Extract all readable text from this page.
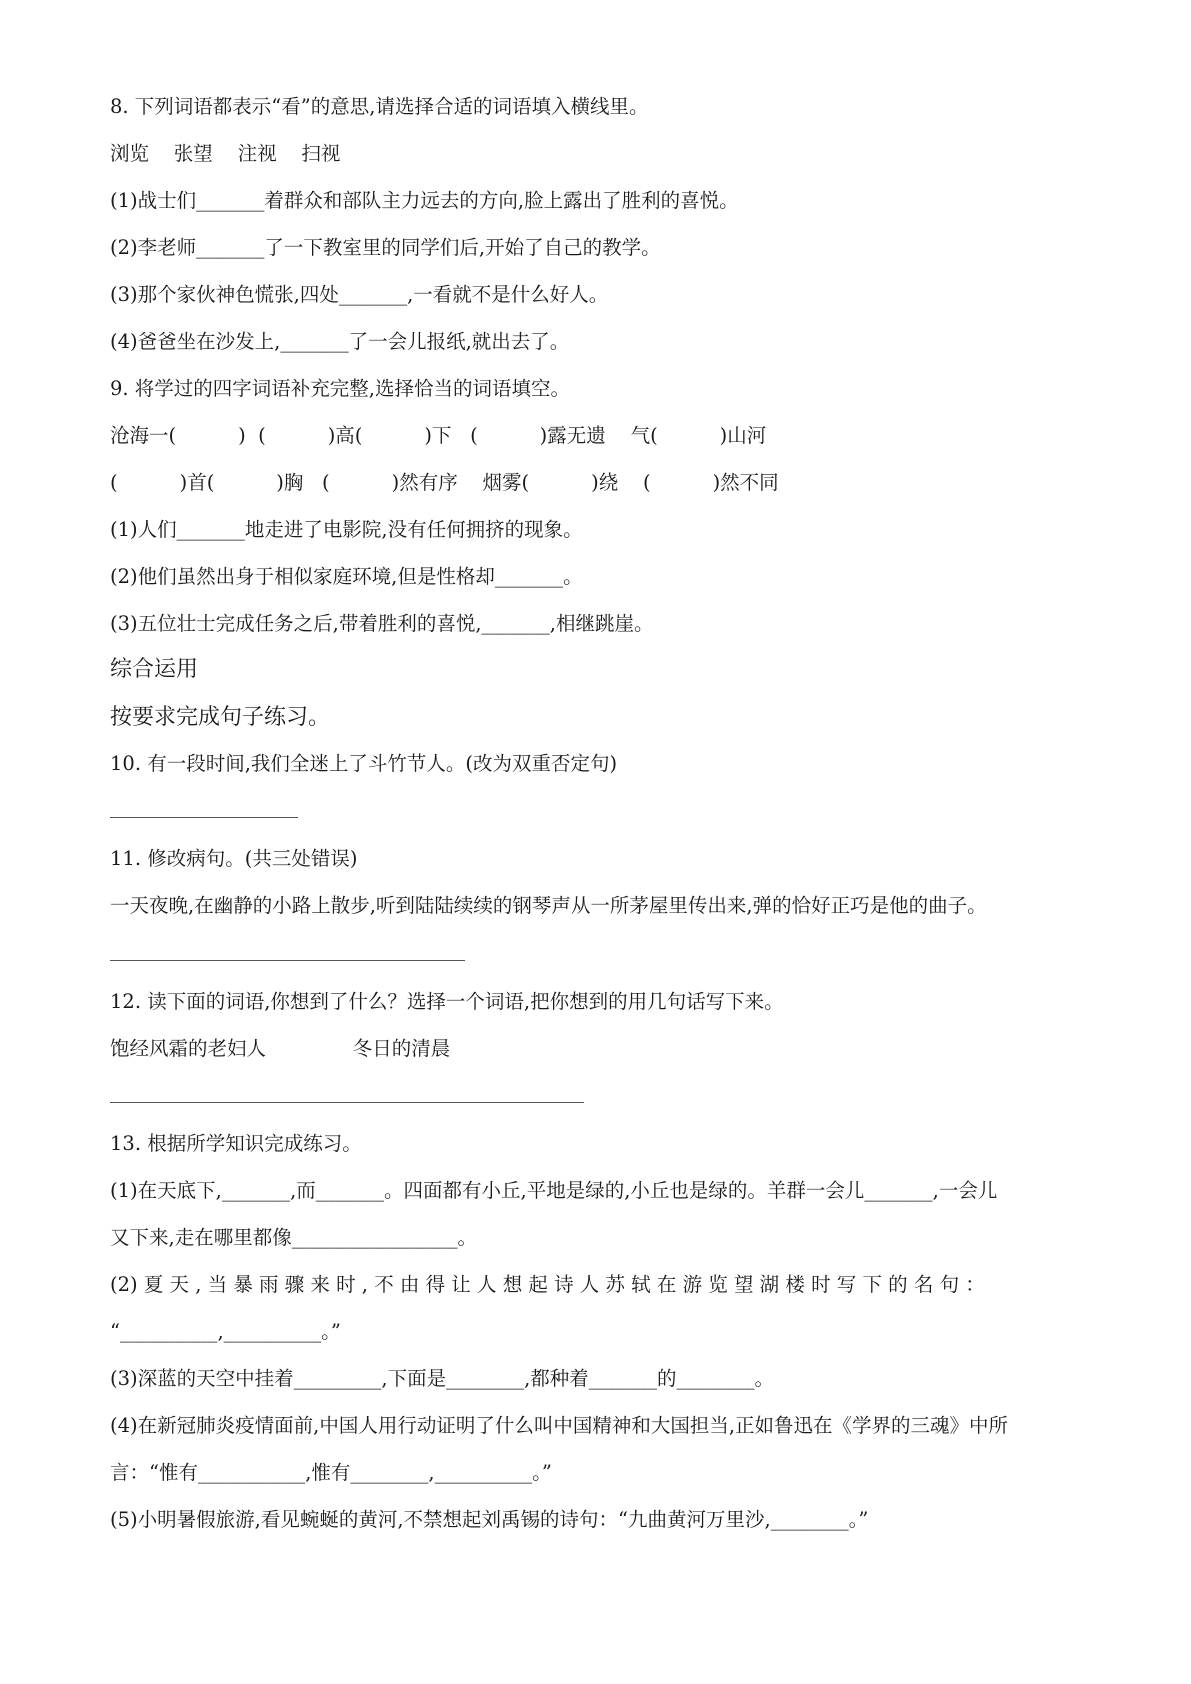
8. 下列词语都表示“看”的意思,请选择合适的词语填入横线里。
浏览    张望    注视    扫视
(1)战士们_______着群众和部队主力远去的方向,脸上露出了胜利的喜悦。
(2)李老师_______了一下教室里的同学们后,开始了自己的教学。
(3)那个家伙神色慌张,四处_______,一看就不是什么好人。
(4)爸爸坐在沙发上,_______了一会儿报纸,就出去了。
9. 将学过的四字词语补充完整,选择恰当的词语填空。
沧海一(          )  (          )高(          )下   (          )露无遗    气(          )山河
(          )首(          )胸   (          )然有序    烟雾(          )绕    (          )然不同
(1)人们_______地走进了电影院,没有任何拥挤的现象。
(2)他们虽然出身于相似家庭环境,但是性格却_______。
(3)五位壮士完成任务之后,带着胜利的喜悦,_______,相继跳崖。
综合运用
按要求完成句子练习。
10. 有一段时间,我们全迷上了斗竹节人。(改为双重否定句)
11. 修改病句。(共三处错误)
一天夜晚,在幽静的小路上散步,听到陆陆续续的钢琴声从一所茅屋里传出来,弹的恰好正巧是他的曲子。
12. 读下面的词语,你想到了什么？选择一个词语,把你想到的用几句话写下来。
饱经风霜的老妇人              冬日的清晨
13. 根据所学知识完成练习。
(1)在天底下,_______,而_______。四面都有小丘,平地是绿的,小丘也是绿的。羊群一会儿_______,一会儿
又下来,走在哪里都像_________________。
(2) 夏 天 , 当 暴 雨 骤 来 时 , 不 由 得 让 人 想 起 诗 人 苏 轼 在 游 览 望 湖 楼 时 写 下 的 名 句 ：
“__________,__________。”
(3)深蓝的天空中挂着_________,下面是________,都种着_______的________。
(4)在新冠肺炎疫情面前,中国人用行动证明了什么叫中国精神和大国担当,正如鲁迅在《学界的三魂》中所
言：“惟有___________,惟有________,__________。”
(5)小明暑假旅游,看见蜿蜒的黄河,不禁想起刘禹锡的诗句：“九曲黄河万里沙,________。”
